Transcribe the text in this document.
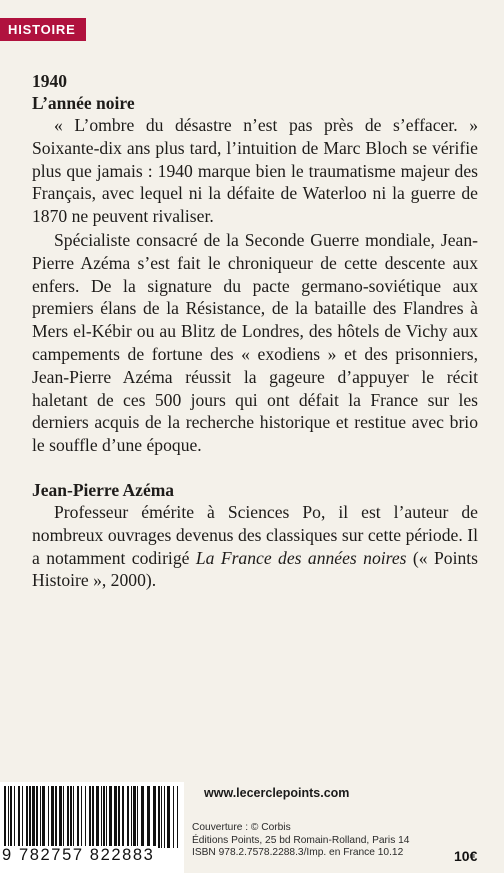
HISTOIRE
1940
L’année noire

« L’ombre du désastre n’est pas près de s’effacer. » Soixante-dix ans plus tard, l’intuition de Marc Bloch se vérifie plus que jamais : 1940 marque bien le traumatisme majeur des Français, avec lequel ni la défaite de Waterloo ni la guerre de 1870 ne peuvent rivaliser.

Spécialiste consacré de la Seconde Guerre mondiale, Jean-Pierre Azéma s’est fait le chroniqueur de cette descente aux enfers. De la signature du pacte germano-soviétique aux premiers élans de la Résistance, de la bataille des Flandres à Mers el-Kébir ou au Blitz de Londres, des hôtels de Vichy aux campements de fortune des « exodiens » et des prisonniers, Jean-Pierre Azéma réussit la gageure d’appuyer le récit haletant de ces 500 jours qui ont défait la France sur les derniers acquis de la recherche historique et restitue avec brio le souffle d’une époque.

Jean-Pierre Azéma

Professeur émérite à Sciences Po, il est l’auteur de nombreux ouvrages devenus des classiques sur cette période. Il a notamment codirigé La France des années noires (« Points Histoire », 2000).

9 782757 822883
www.lecerclepoints.com
Couverture : © Corbis
Éditions Points, 25 bd Romain-Rolland, Paris 14
ISBN 978.2.7578.2288.3/Imp. en France 10.12	10€
